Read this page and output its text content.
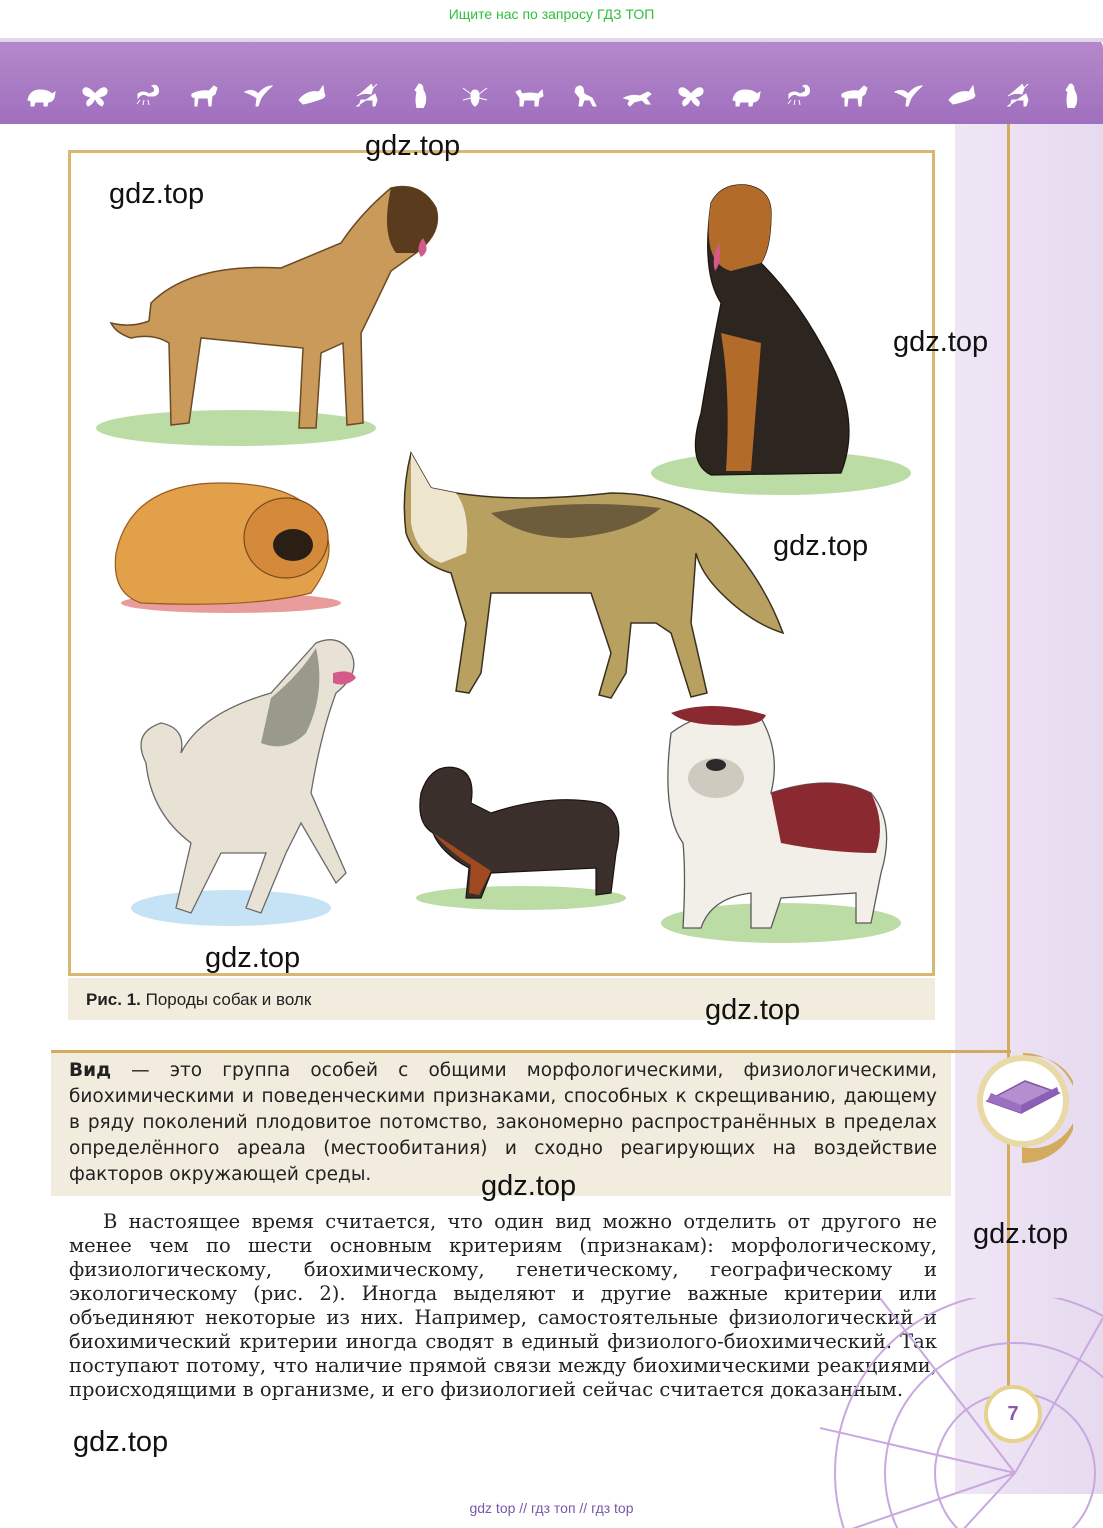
Ищите нас по запросу ГДЗ ТОП
Рис. 1. Породы собак и волк
Вид — это группа особей с общими морфологическими, физиологическими, биохимическими и поведенческими признаками, способных к скрещиванию, дающему в ряду поколений плодовитое потомство, закономерно распространённых в пределах определённого ареала (местообитания) и сходно реагирующих на воздействие факторов окружающей среды.

В настоящее время считается, что один вид можно отделить от другого не менее чем по шести основным критериям (признакам): морфологическому, физиологическому, биохимическому, генетическому, географическому и экологическому (рис. 2). Иногда выделяют и другие важные критерии или объединяют некоторые из них. Например, самостоятельные физиологический и биохимический критерии иногда сводят в единый физиолого-биохимический. Так поступают потому, что наличие прямой связи между биохимическими реакциями, происходящими в организме, и его физиологией сейчас считается доказанным.

7
gdz.top
gdz.top
gdz.top
gdz.top
gdz.top
gdz.top
gdz.top
gdz.top
gdz.top
gdz top // гдз топ // гдз top
